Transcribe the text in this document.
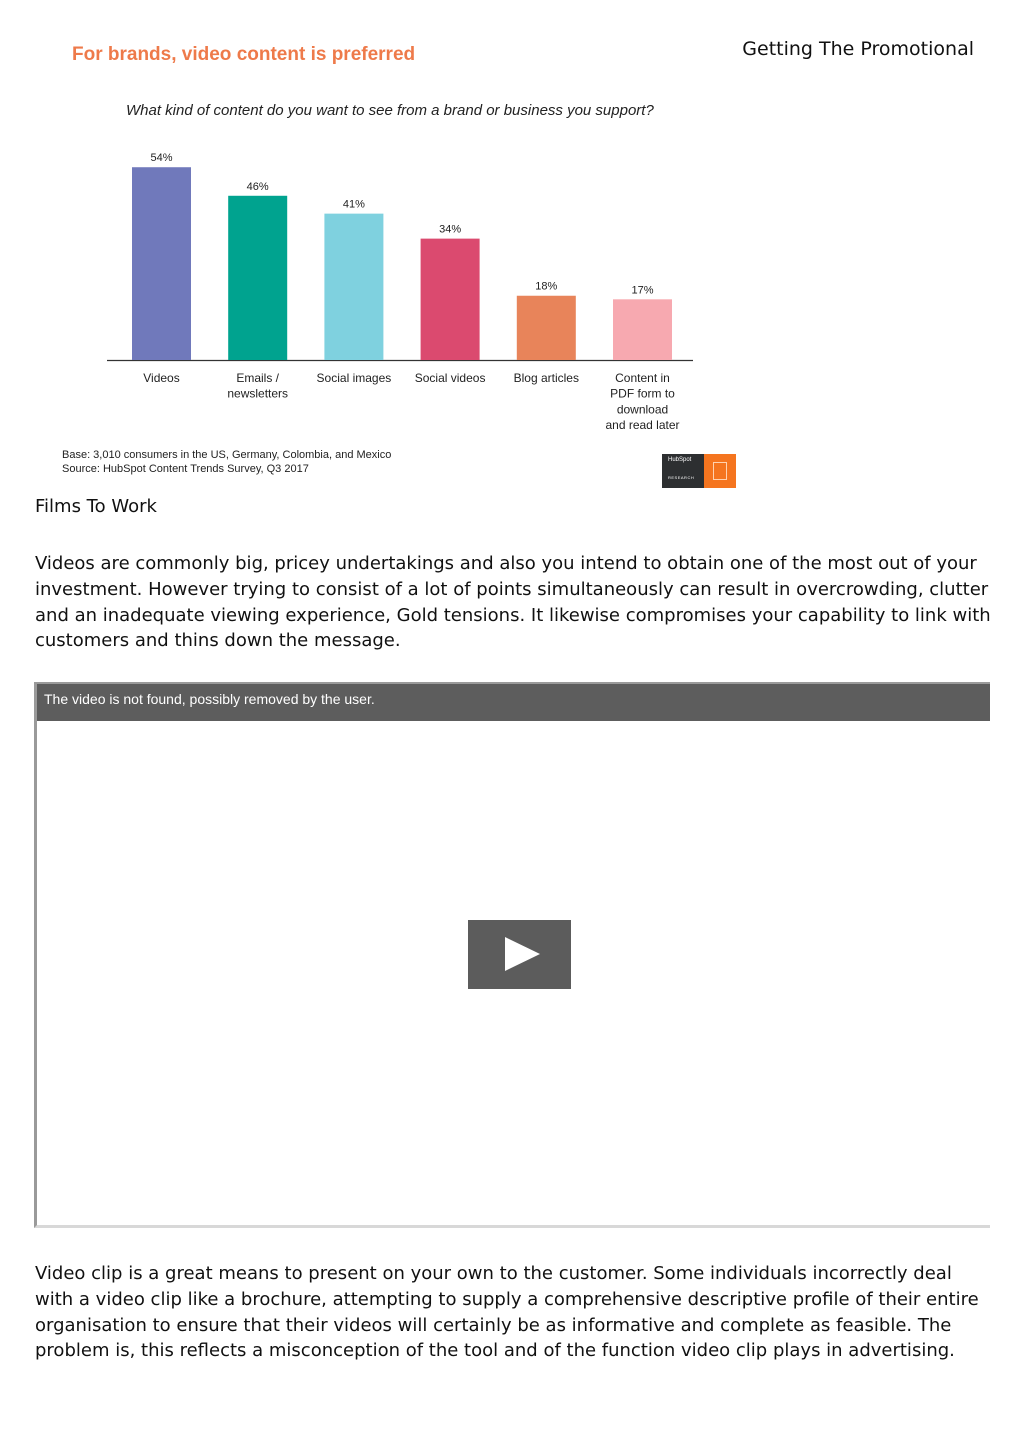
Getting The Promotional
For brands, video content is preferred
What kind of content do you want to see from a brand or business you support?
54%
Videos
46%
Emails /
newsletters
41%
Social images
34%
Social videos
18%
Blog articles
17%
Content in
PDF form to
download
and read later
Base: 3,010 consumers in the US, Germany, Colombia, and Mexico
Source: HubSpot Content Trends Survey, Q3 2017
HubSpot
RESEARCH
Films To Work

Videos are commonly big, pricey undertakings and also you intend to obtain one of the most out of your investment. However trying to consist of a lot of points simultaneously can result in overcrowding, clutter and an inadequate viewing experience, Gold tensions. It likewise compromises your capability to link with customers and thins down the message.

The video is not found, possibly removed by the user.

Video clip is a great means to present on your own to the customer. Some individuals incorrectly deal with a video clip like a brochure, attempting to supply a comprehensive descriptive profile of their entire organisation to ensure that their videos will certainly be as informative and complete as feasible. The problem is, this reflects a misconception of the tool and of the function video clip plays in advertising.
